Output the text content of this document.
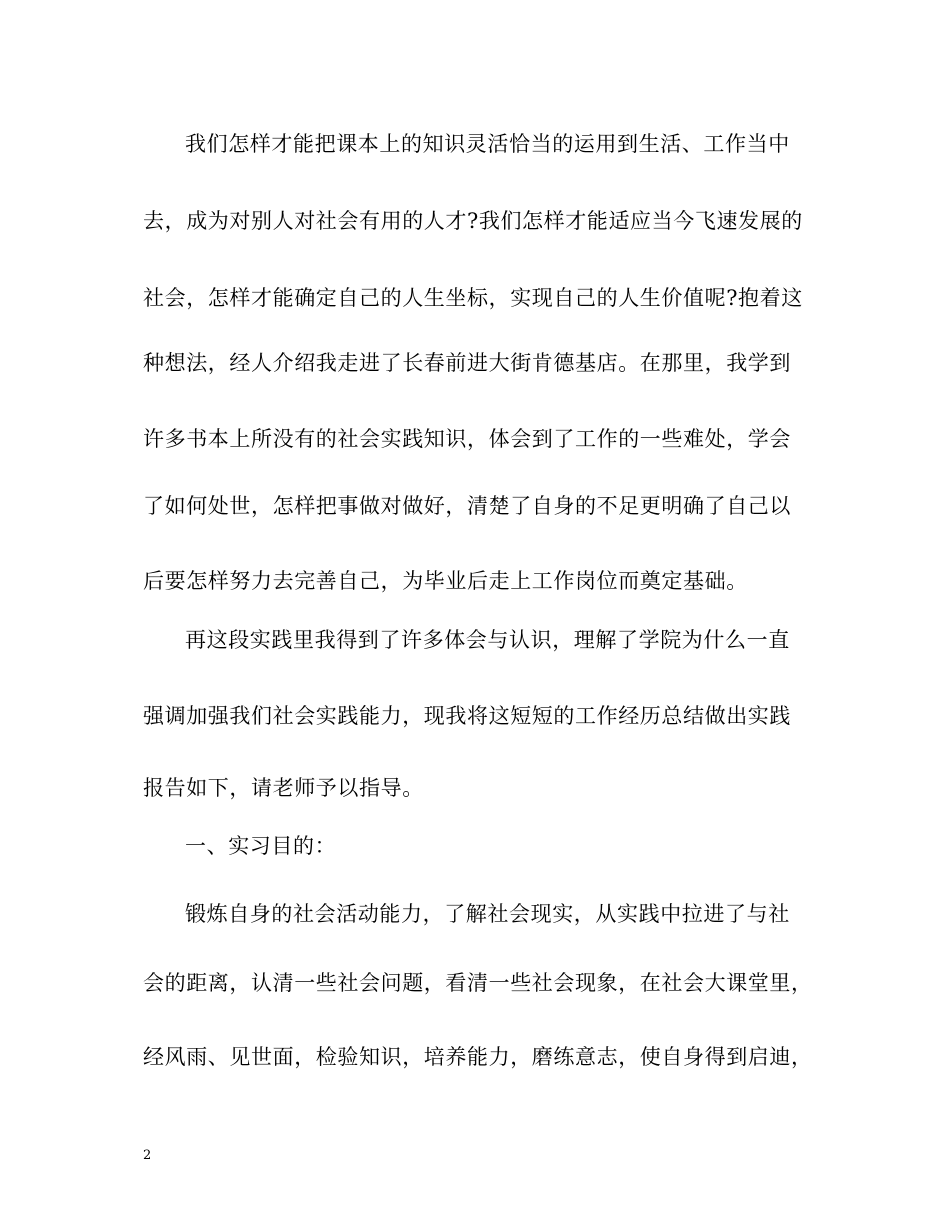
我们怎样才能把课本上的知识灵活恰当的运用到生活、工作当中
去，成为对别人对社会有用的人才?我们怎样才能适应当今飞速发展的
社会，怎样才能确定自己的人生坐标，实现自己的人生价值呢?抱着这
种想法，经人介绍我走进了长春前进大街肯德基店。在那里，我学到
许多书本上所没有的社会实践知识，体会到了工作的一些难处，学会
了如何处世，怎样把事做对做好，清楚了自身的不足更明确了自己以
后要怎样努力去完善自己，为毕业后走上工作岗位而奠定基础。
再这段实践里我得到了许多体会与认识，理解了学院为什么一直
强调加强我们社会实践能力，现我将这短短的工作经历总结做出实践
报告如下，请老师予以指导。
一、实习目的：
锻炼自身的社会活动能力，了解社会现实，从实践中拉进了与社
会的距离，认清一些社会问题，看清一些社会现象，在社会大课堂里，
经风雨、见世面，检验知识，培养能力，磨练意志，使自身得到启迪，
2
